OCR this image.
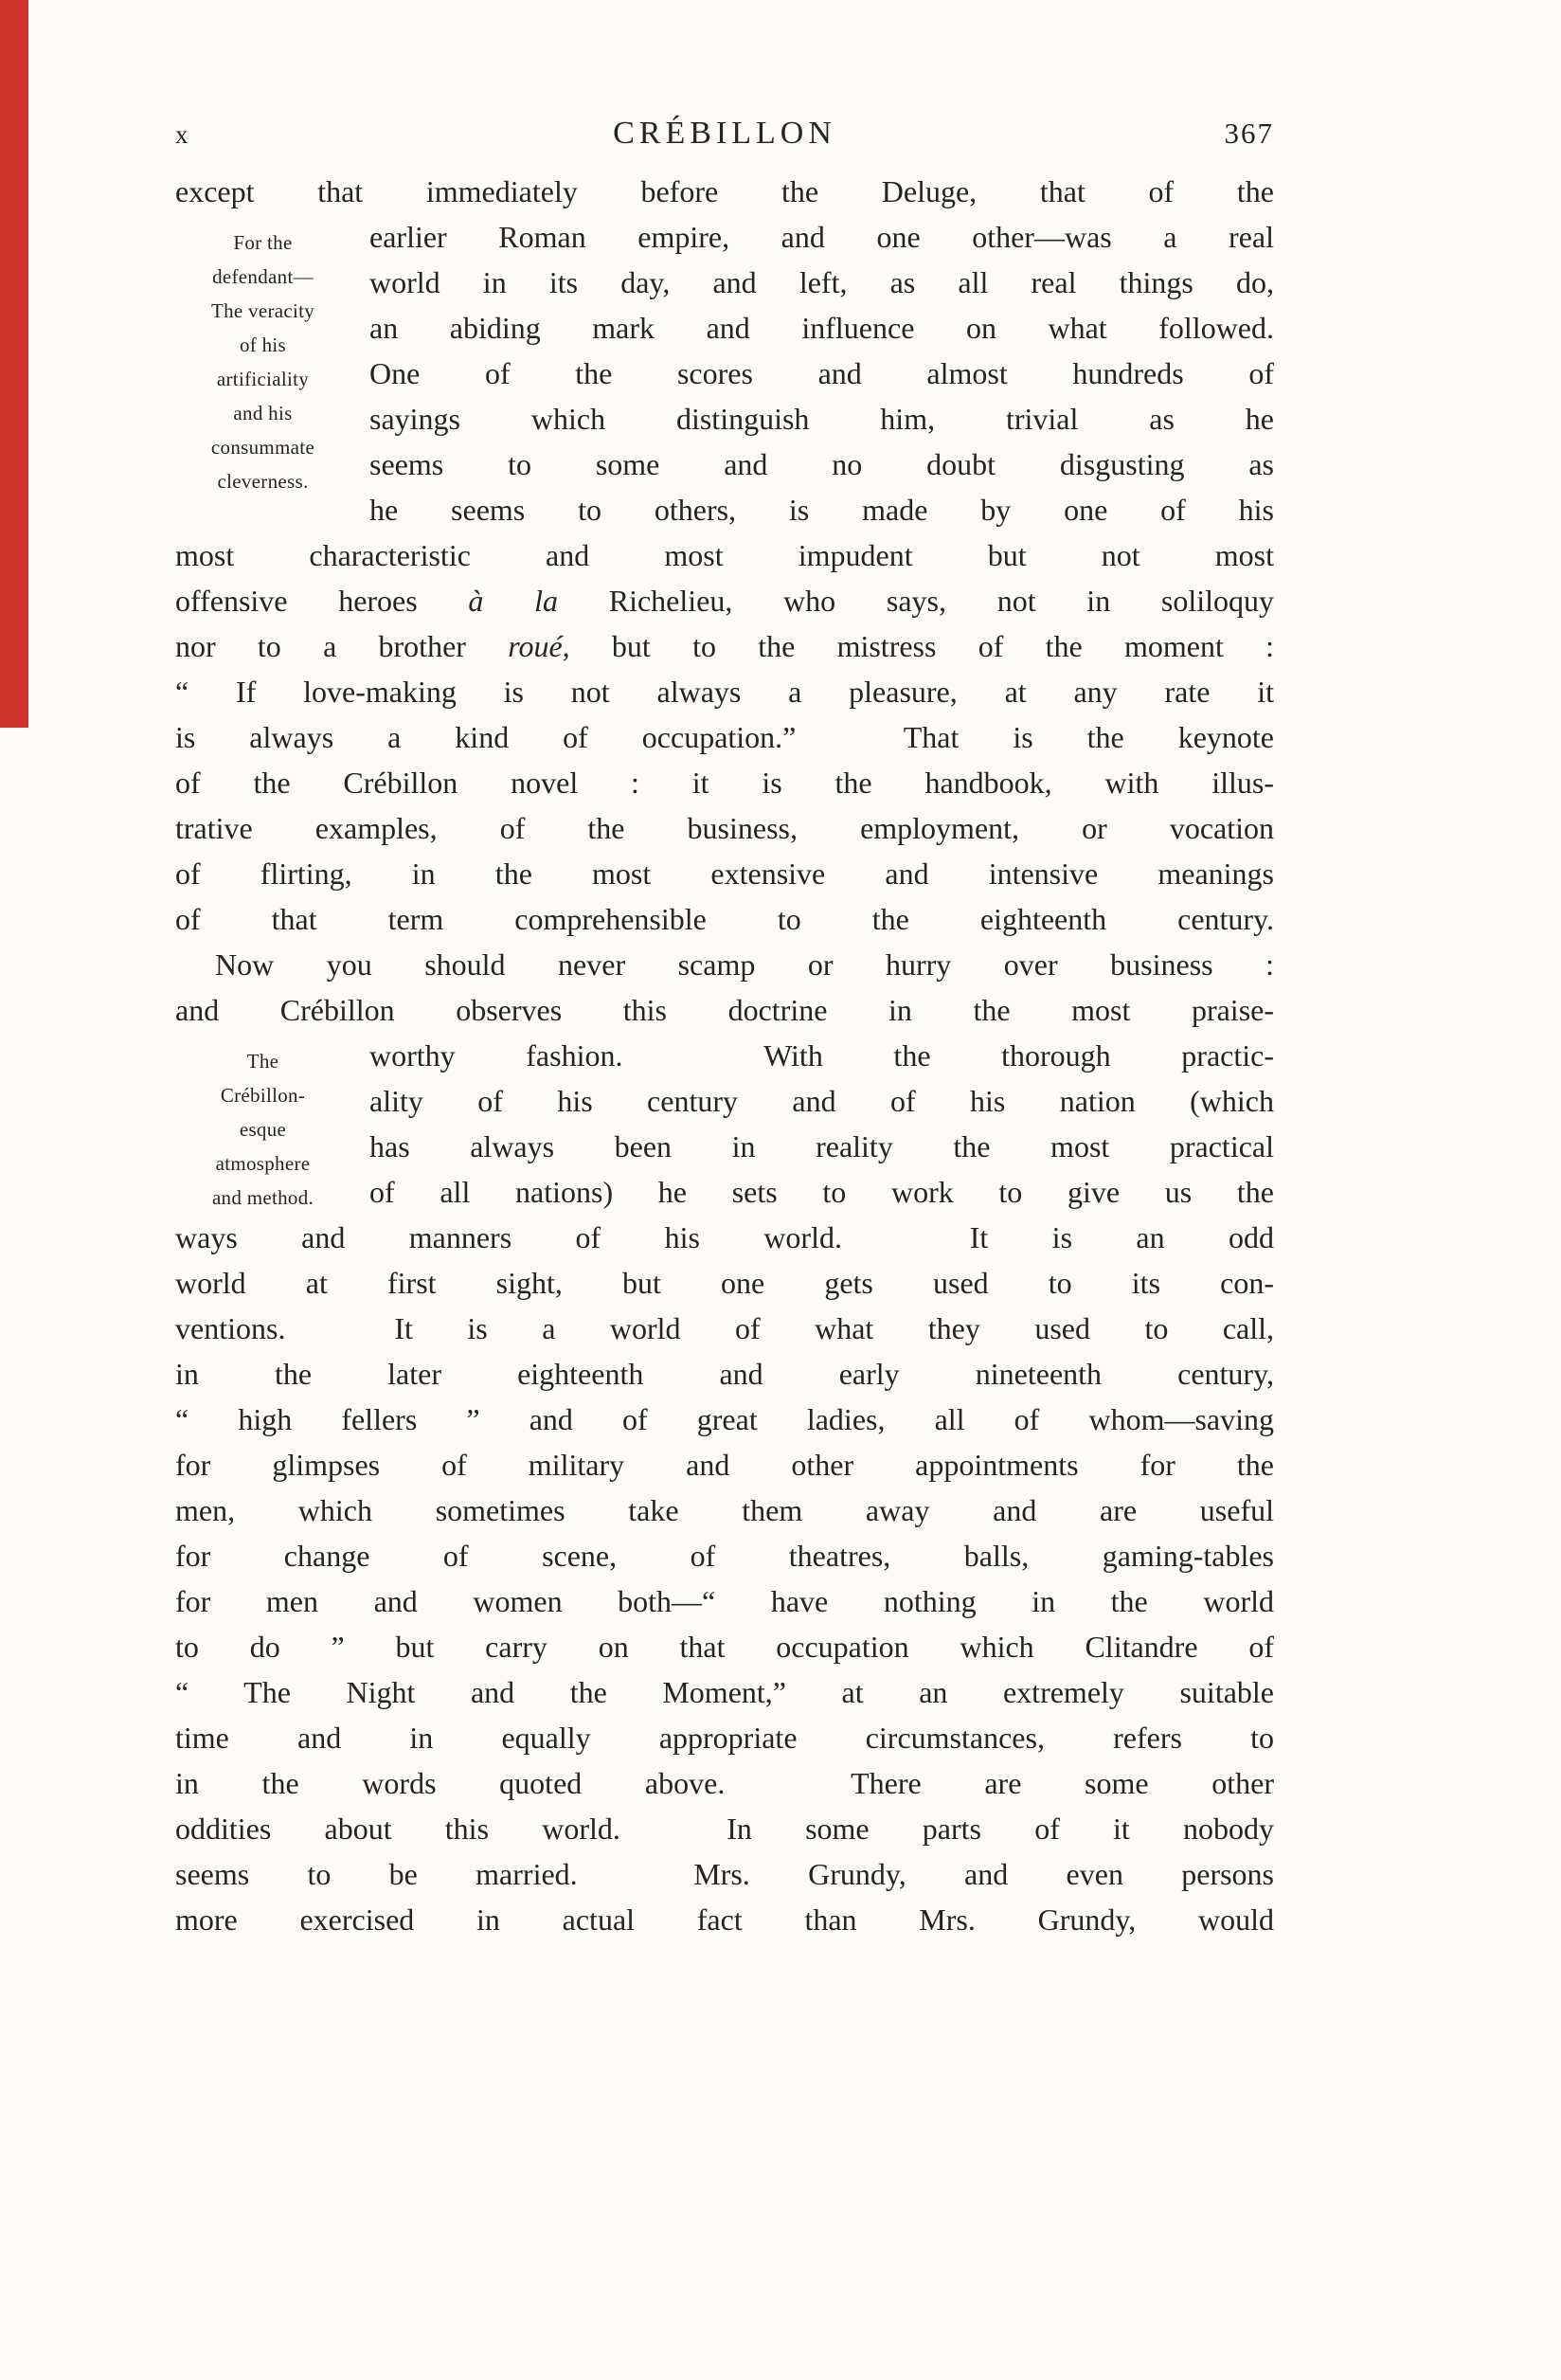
x	CRÉBILLON	367
except that immediately before the Deluge, that of the
For the
defendant—
The veracity
of his
artificiality
and his
consummate
cleverness.
earlier Roman empire, and one other—was a real
world in its day, and left, as all real things do,
an abiding mark and influence on what followed.
One of the scores and almost hundreds of
sayings which distinguish him, trivial as he
seems to some and no doubt disgusting as
he seems to others, is made by one of his
most characteristic and most impudent but not most
offensive heroes à la Richelieu, who says, not in soliloquy
nor to a brother roué, but to the mistress of the moment :
“ If love-making is not always a pleasure, at any rate it
is always a kind of occupation.”  That is the keynote
of the Crébillon novel : it is the handbook, with illus-
trative examples, of the business, employment, or vocation
of flirting, in the most extensive and intensive meanings
of that term comprehensible to the eighteenth century.
Now you should never scamp or hurry over business :
and Crébillon observes this doctrine in the most praise-
The
Crébillon-
esque
atmosphere
and method.
worthy fashion.  With the thorough practic-
ality of his century and of his nation (which
has always been in reality the most practical
of all nations) he sets to work to give us the
ways and manners of his world.  It is an odd
world at first sight, but one gets used to its con-
ventions.  It is a world of what they used to call,
in the later eighteenth and early nineteenth century,
“ high fellers ” and of great ladies, all of whom—saving
for glimpses of military and other appointments for the
men, which sometimes take them away and are useful
for change of scene, of theatres, balls, gaming-tables
for men and women both—“ have nothing in the world
to do ” but carry on that occupation which Clitandre of
“ The Night and the Moment,” at an extremely suitable
time and in equally appropriate circumstances, refers to
in the words quoted above.  There are some other
oddities about this world.  In some parts of it nobody
seems to be married.  Mrs. Grundy, and even persons
more exercised in actual fact than Mrs. Grundy, would
